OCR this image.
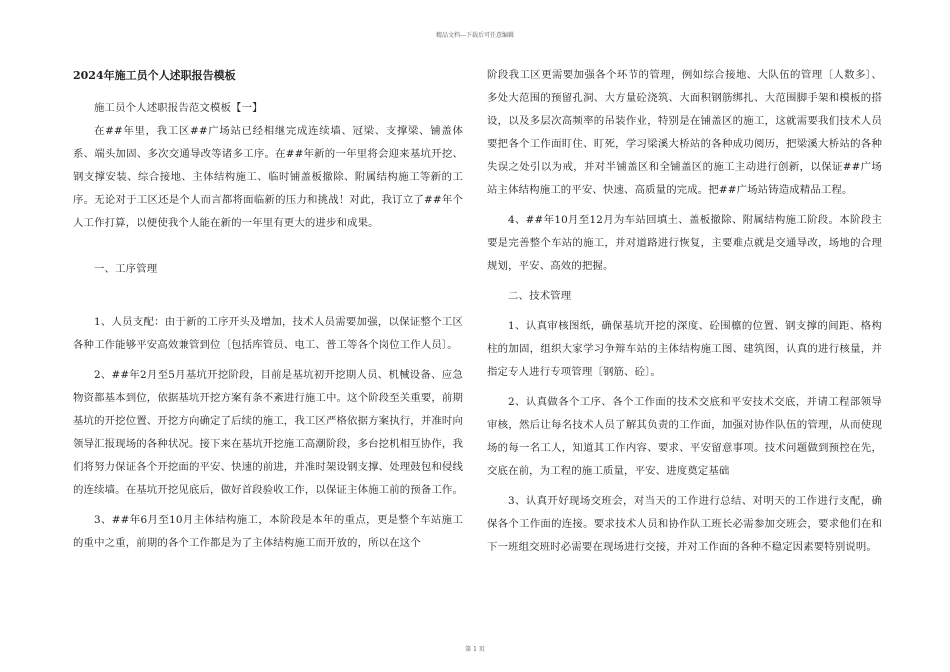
精品文档---下载后可任意编辑

2024年施工员个人述职报告模板

施工员个人述职报告范文模板【一】

在##年里，我工区##广场站已经相继完成连续墙、冠梁、支撑梁、铺盖体系、端头加固、多次交通导改等诸多工序。在##年新的一年里将会迎来基坑开挖、钢支撑安装、综合接地、主体结构施工、临时铺盖板撤除、附属结构施工等新的工序。无论对于工区还是个人而言都将面临新的压力和挑战！对此，我订立了##年个人工作打算，以便使我个人能在新的一年里有更大的进步和成果。

一、工序管理

1、人员支配：由于新的工序开头及增加，技术人员需要加强，以保证整个工区各种工作能够平安高效兼管到位〔包括库管员、电工、普工等各个岗位工作人员〕。

2、##年2月至5月基坑开挖阶段，目前是基坑初开挖期人员、机械设备、应急物资都基本到位，依据基坑开挖方案有条不紊进行施工中。这个阶段至关重要，前期基坑的开挖位置、开挖方向确定了后续的施工，我工区严格依据方案执行，并准时向领导汇报现场的各种状况。接下来在基坑开挖施工高潮阶段，多台挖机相互协作，我们将努力保证各个开挖面的平安、快速的前进，并准时架设钢支撑、处理鼓包和侵线的连续墙。在基坑开挖见底后，做好首段验收工作，以保证主体施工前的预备工作。

3、##年6月至10月主体结构施工，本阶段是本年的重点，更是整个车站施工的重中之重，前期的各个工作都是为了主体结构施工而开放的，所以在这个

阶段我工区更需要加强各个环节的管理，例如综合接地、大队伍的管理〔人数多〕、多处大范围的预留孔洞、大方量砼浇筑、大面积钢筋绑扎、大范围脚手架和模板的搭设，以及多层次高频率的吊装作业，特别是在铺盖区的施工，这就需要我们技术人员要把各个工作面盯住、盯死，学习梁溪大桥站的各种成功阅历，把梁溪大桥站的各种失误之处引以为戒，并对半铺盖区和全铺盖区的施工主动进行创新，以保证##广场站主体结构施工的平安、快速、高质量的完成。把##广场站铸造成精品工程。

4、##年10月至12月为车站回填土、盖板撤除、附属结构施工阶段。本阶段主要是完善整个车站的施工，并对道路进行恢复，主要难点就是交通导改，场地的合理规划，平安、高效的把握。

二、技术管理

1、认真审核图纸，确保基坑开挖的深度、砼围檩的位置、钢支撑的间距、格构柱的加固，组织大家学习争辩车站的主体结构施工图、建筑图，认真的进行核量，并指定专人进行专项管理〔钢筋、砼〕。

2、认真做各个工序、各个工作面的技术交底和平安技术交底，并请工程部领导审核，然后让每名技术人员了解其负责的工作面，加强对协作队伍的管理，从而使现场的每一名工人，知道其工作内容、要求、平安留意事项。技术问题做到预控在先，交底在前，为工程的施工质量，平安、进度奠定基础

3、认真开好现场交班会，对当天的工作进行总结、对明天的工作进行支配，确保各个工作面的连接。要求技术人员和协作队工班长必需参加交班会，要求他们在和下一班组交班时必需要在现场进行交接，并对工作面的各种不稳定因素要特别说明。

第 1 页
